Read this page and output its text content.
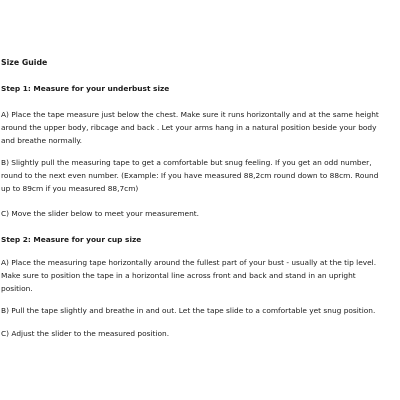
Size Guide

Step 1: Measure for your underbust size

A) Place the tape measure just below the chest. Make sure it runs horizontally and at the same height

around the upper body, ribcage and back . Let your arms hang in a natural position beside your body

and breathe normally.

B) Slightly pull the measuring tape to get a comfortable but snug feeling. If you get an odd number,

round to the next even number. (Example: If you have measured 88,2cm round down to 88cm. Round

up to 89cm if you measured 88,7cm)

C) Move the slider below to meet your measurement.

Step 2: Measure for your cup size

A) Place the measuring tape horizontally around the fullest part of your bust - usually at the tip level.

Make sure to position the tape in a horizontal line across front and back and stand in an upright

position.

B) Pull the tape slightly and breathe in and out. Let the tape slide to a comfortable yet snug position.

C) Adjust the slider to the measured position.
